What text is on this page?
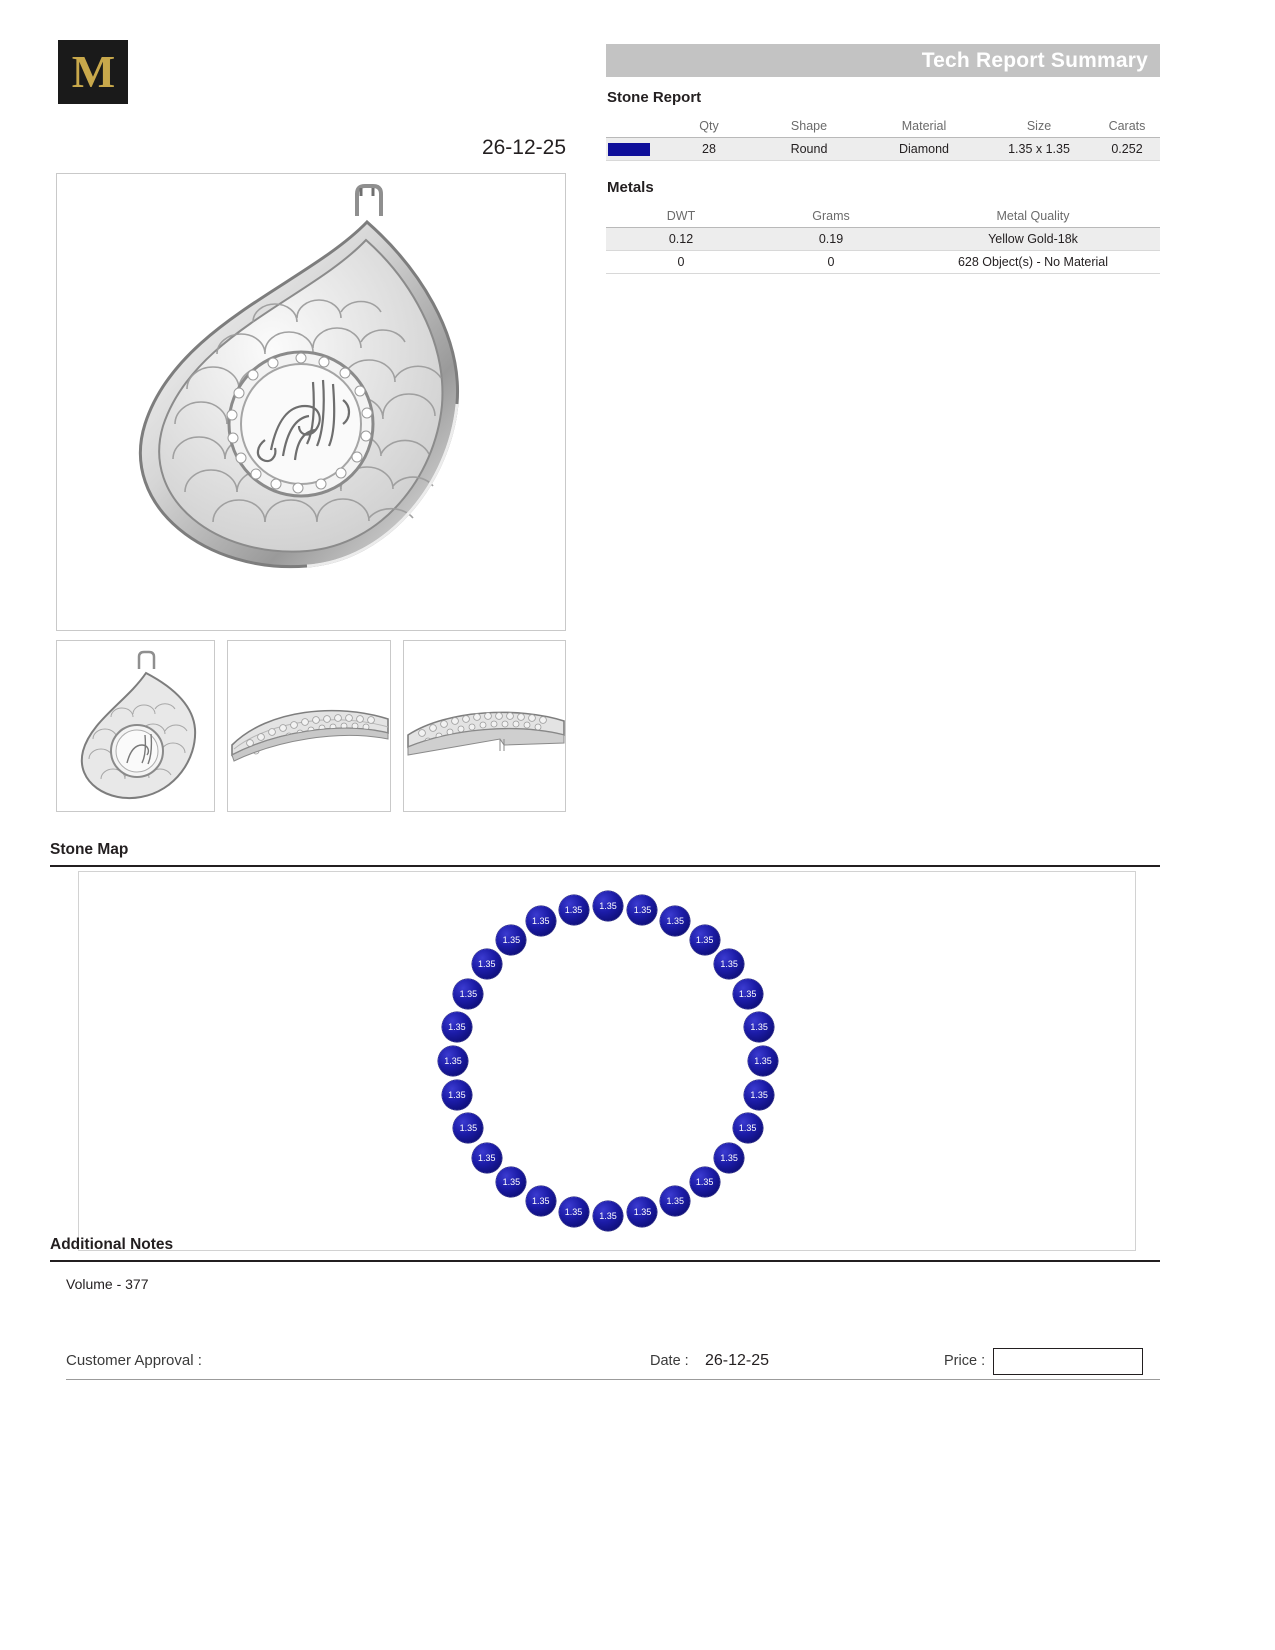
M
26-12-25
Tech Report Summary
Stone Report
	Qty	Shape	Material	Size	Carats

	28	Round	Diamond	1.35 x 1.35	0.252
Metals
DWT	Grams	Metal Quality
0.12	0.19	Yellow Gold-18k
0	0	628 Object(s) - No Material
Stone Map
1.35	1.35
1.35
1.35
1.35
1.35
1.35
1.35
1.35
1.35
1.35
1.35
1.35
1.35
1.35
1.35
1.35
1.35
1.35
1.35
1.35
1.35
1.35
1.35
1.35
1.35
1.35
1.35
Additional Notes
Volume - 377
Customer Approval :	Date : 26-12-25	Price :
